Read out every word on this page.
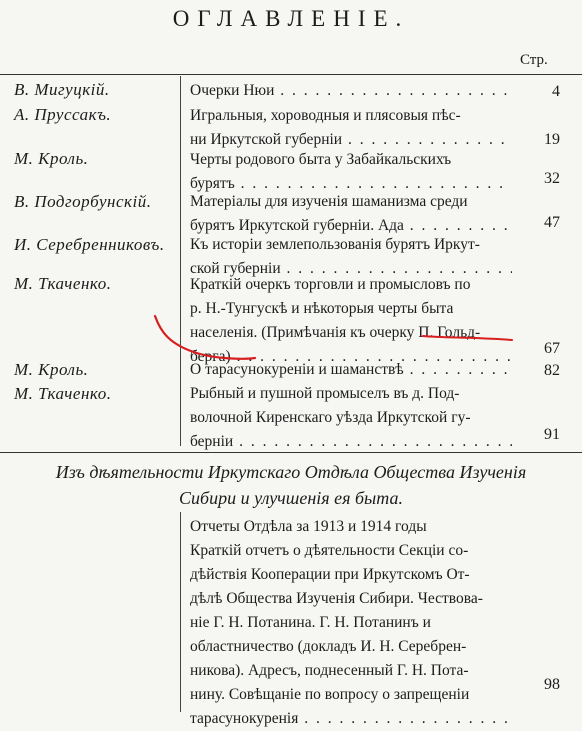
ОГЛАВЛЕНІЕ.
Стр.
В. Мигуцкій.	Очерки Нюи . . .	4
А. Пруссакъ.	Игральныя, хороводныя и плясовыя пѣс-
ни Иркутской губерніи . . .	19
М. Кроль.	Черты родового быта у Забайкальскихъ
бурятъ . . .	32
В. Подгорбунскій. Матеріалы для изученія шаманизма среди
бурятъ Иркутской губерніи. Ада . . .	47
И. Серебренниковъ. Къ исторіи землепользованія бурятъ Иркут-
ской губерніи . . .
М. Ткаченко.	Краткій очеркъ торговли и промысловъ по
р. Н.-Тунгускѣ и нѣкоторыя черты быта
населенія. (Примѣчанія къ очерку П. Гольд-
берга) . . .	67
М. Кроль.	О тарасунокуреніи и шаманствѣ . . .	82
М. Ткаченко.	Рыбный и пушной промыселъ въ д. Под-
волочной Киренскаго уѣзда Иркутской гу-
берніи . . .	91
Изъ дѣятельности Иркутскаго Отдѣла Общества Изученія
Сибири и улучшенія ея быта.
Отчеты Отдѣла за 1913 и 1914 годы
Краткій отчетъ о дѣятельности Секціи со-
дѣйствія Кооперации при Иркутскомъ От-
дѣлѣ Общества Изученія Сибири. Чествова-
ніе Г. Н. Потанина. Г. Н. Потанинъ и
областничество (докладъ И. Н. Серебрен-
никова). Адресъ, поднесенный Г. Н. Пота-
нину. Совѣщаніе по вопросу о запрещеніи
тарасунокуренія . . .
98
